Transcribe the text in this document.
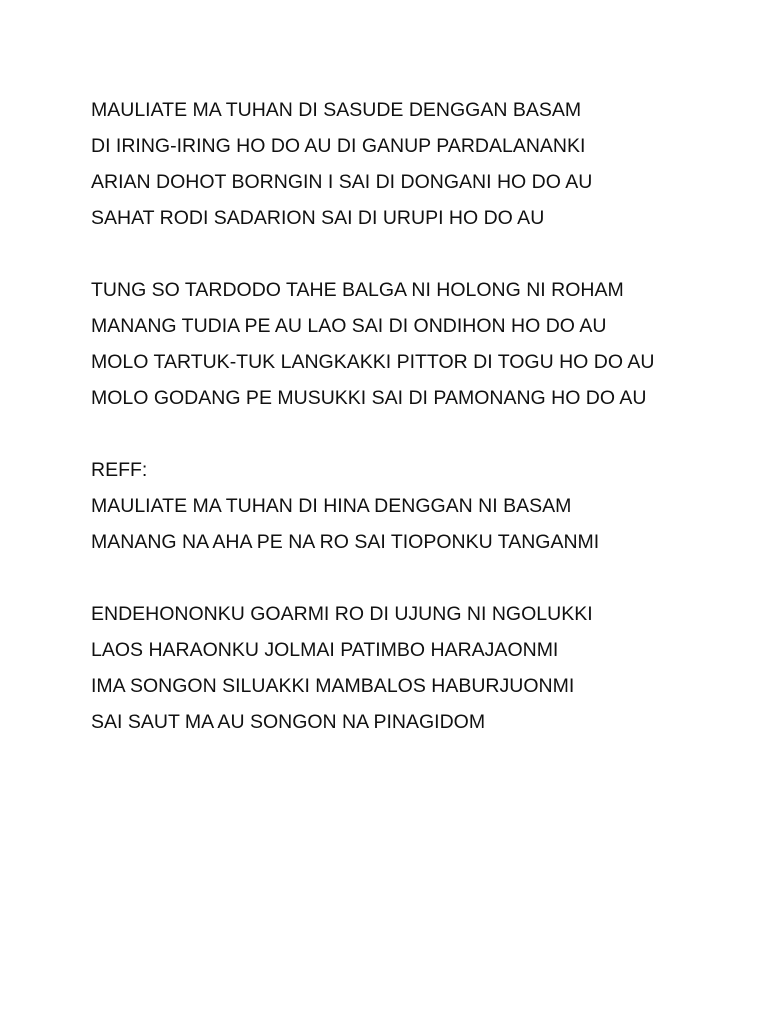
MAULIATE MA TUHAN DI SASUDE DENGGAN BASAM
DI IRING-IRING HO DO AU DI GANUP PARDALANANKI
ARIAN DOHOT BORNGIN I SAI DI DONGANI HO DO AU
SAHAT RODI SADARION SAI DI URUPI HO DO AU
TUNG SO TARDODO TAHE BALGA NI HOLONG NI ROHAM
MANANG TUDIA PE AU LAO SAI DI ONDIHON HO DO AU
MOLO TARTUK-TUK LANGKAKKI PITTOR DI TOGU HO DO AU
MOLO GODANG PE MUSUKKI SAI DI PAMONANG HO DO AU
REFF:
MAULIATE MA TUHAN DI HINA DENGGAN NI BASAM
MANANG NA AHA PE NA RO SAI TIOPONKU TANGANMI
ENDEHONONKU GOARMI RO DI UJUNG NI NGOLUKKI
LAOS HARAONKU JOLMAI PATIMBO HARAJAONMI
IMA SONGON SILUAKKI MAMBALOS HABURJUONMI
SAI SAUT MA AU SONGON NA PINAGIDOM
